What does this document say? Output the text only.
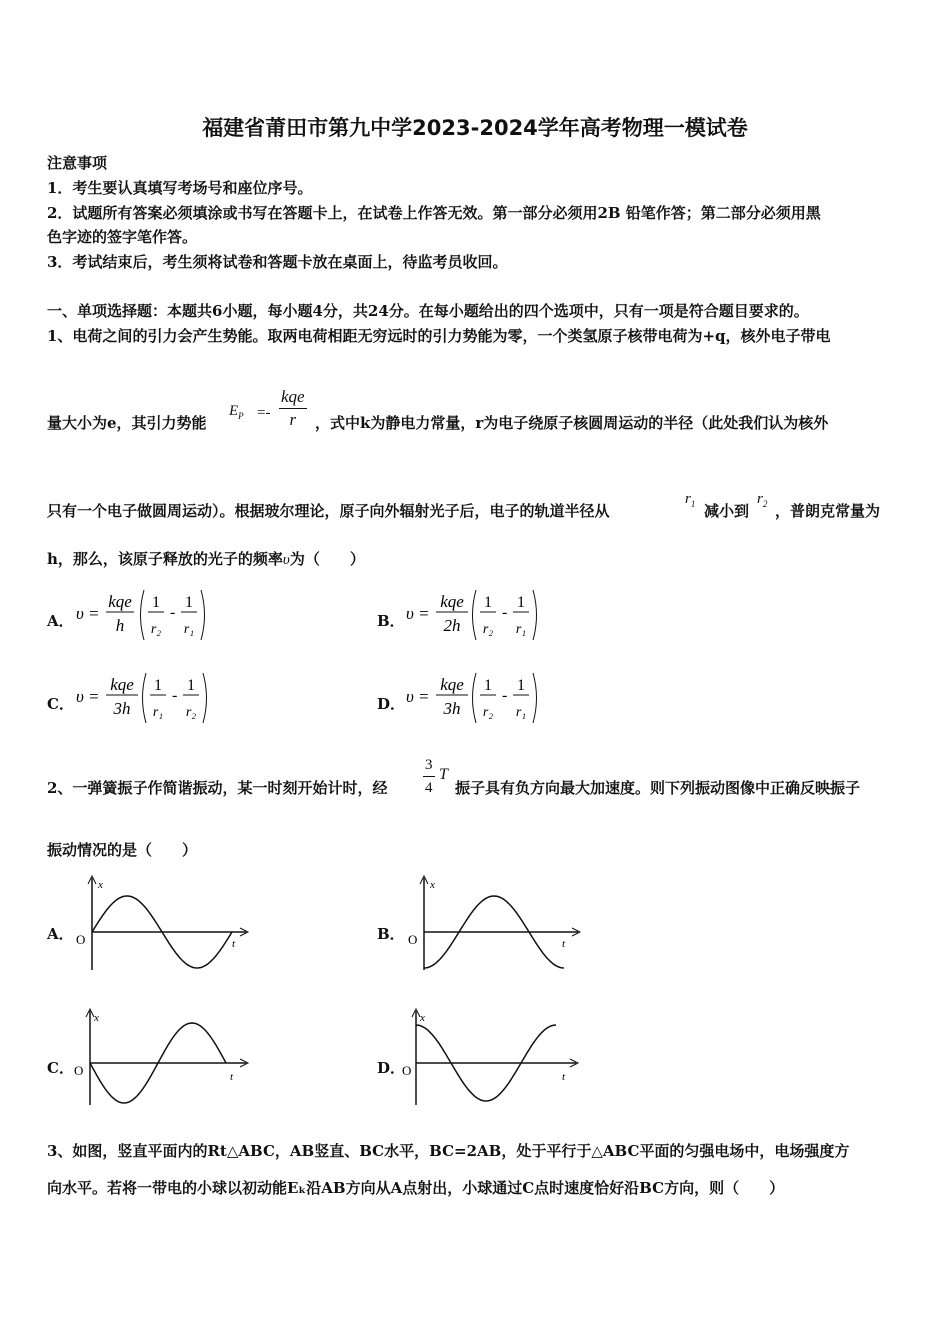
福建省莆田市第九中学2023-2024学年高考物理一模试卷
注意事项
1．考生要认真填写考场号和座位序号。
2．试题所有答案必须填涂或书写在答题卡上，在试卷上作答无效。第一部分必须用2B 铅笔作答；第二部分必须用黑
色字迹的签字笔作答。
3．考试结束后，考生须将试卷和答题卡放在桌面上，待监考员收回。
一、单项选择题：本题共6小题，每小题4分，共24分。在每小题给出的四个选项中，只有一项是符合题目要求的。
1、电荷之间的引力会产生势能。取两电荷相距无穷远时的引力势能为零，一个类氢原子核带电荷为+q，核外电子带电
量大小为e，其引力势能
$E_P$ =-
kqe
r	，式中k为静电力常量，r为电子绕原子核圆周运动的半径（此处我们认为核外
只有一个电子做圆周运动）。根据玻尔理论，原子向外辐射光子后，电子的轨道半径从
$r_1$ 减小到
$r_2$ ，普朗克常量为
h，那么，该原子释放的光子的频率υ为（　　）
A． υ =
kqe
h
1
r₂
-
1
r₁	B． υ =
kqe
2h
1
r₂
-
1
r₁
C． υ =
kqe
3h
1
r₁
-
1
r₂	D． υ =
kqe
3h
1
r₂
-
1
r₁
2、一弹簧振子作简谐振动，某一时刻开始计时，经 $\frac{3}{4}$ T
振子具有负方向最大加速度。则下列振动图像中正确反映振子
振动情况的是（　　）
A．
x
t
O	B．
x
t
O
C．
x
t
O	D．
x
t
O
3、如图，竖直平面内的Rt△ABC，AB竖直、BC水平，BC=2AB，处于平行于△ABC平面的匀强电场中，电场强度方
向水平。若将一带电的小球以初动能Eₖ沿AB方向从A点射出，小球通过C点时速度恰好沿BC方向，则（　　）
